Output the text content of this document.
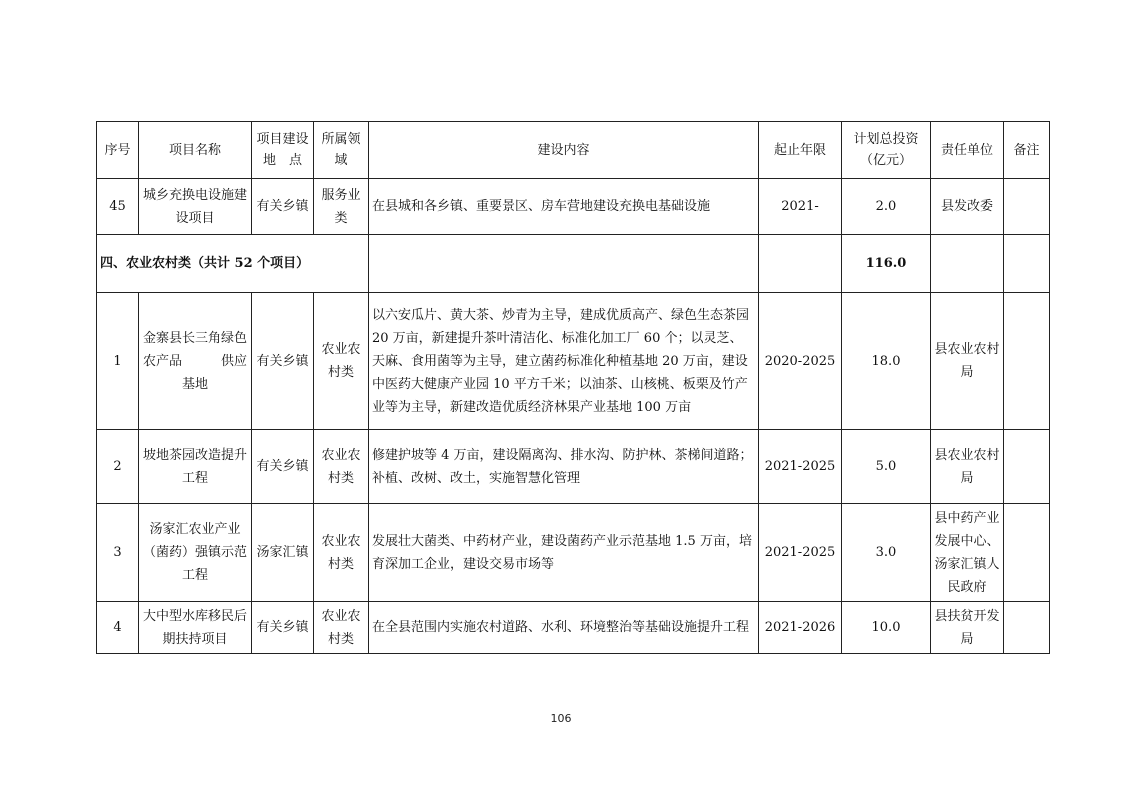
序号	项目名称	项目建设地　点	所属领域	建设内容	起止年限	计划总投资（亿元）	责任单位	备注
45	城乡充换电设施建设项目	有关乡镇	服务业类	在县城和各乡镇、重要景区、房车营地建设充换电基础设施	2021-	2.0	县发改委	
四、农业农村类（共计 52 个项目）						116.0		
1	金寨县长三角绿色农产品　　　供应基地	有关乡镇	农业农村类	以六安瓜片、黄大茶、炒青为主导，建成优质高产、绿色生态茶园 20 万亩，新建提升茶叶清洁化、标准化加工厂 60 个；以灵芝、天麻、食用菌等为主导，建立菌药标准化种植基地 20 万亩，建设中医药大健康产业园 10 平方千米；以油茶、山核桃、板栗及竹产业等为主导，新建改造优质经济林果产业基地 100 万亩	2020-2025	18.0	县农业农村局	
2	坡地茶园改造提升工程	有关乡镇	农业农村类	修建护坡等 4 万亩，建设隔离沟、排水沟、防护林、茶梯间道路；补植、改树、改土，实施智慧化管理	2021-2025	5.0	县农业农村局	
3	汤家汇农业产业（菌药）强镇示范工程	汤家汇镇	农业农村类	发展壮大菌类、中药材产业，建设菌药产业示范基地 1.5 万亩，培育深加工企业，建设交易市场等	2021-2025	3.0	县中药产业发展中心、汤家汇镇人民政府	
4	大中型水库移民后期扶持项目	有关乡镇	农业农村类	在全县范围内实施农村道路、水利、环境整治等基础设施提升工程	2021-2026	10.0	县扶贫开发局	
106
